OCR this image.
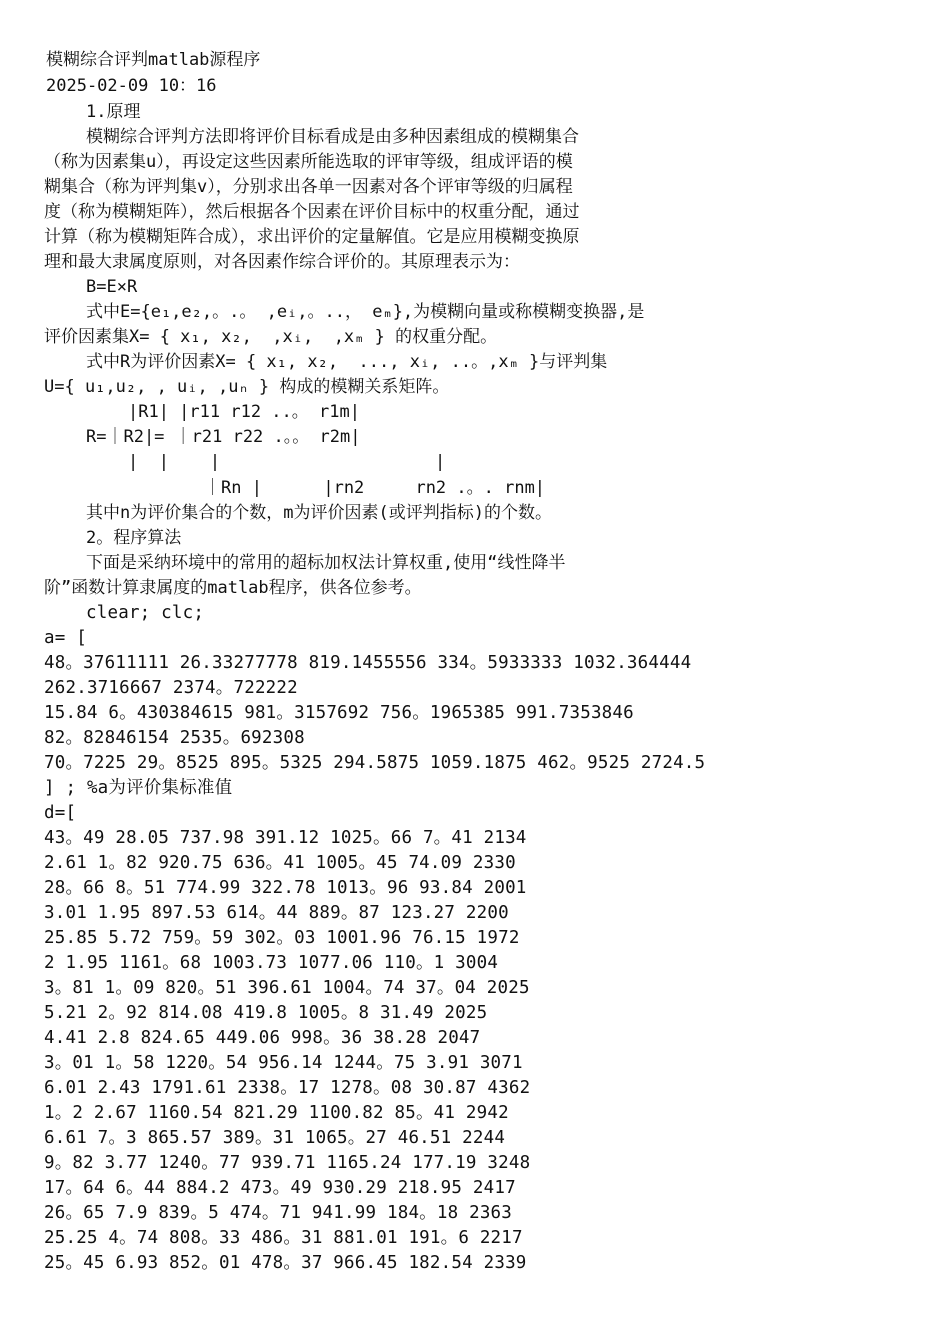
模糊综合评判matlab源程序
2025-02-09 10：16
1.原理
模糊综合评判方法即将评价目标看成是由多种因素组成的模糊集合
（称为因素集u），再设定这些因素所能选取的评审等级，组成评语的模
糊集合（称为评判集v），分别求出各单一因素对各个评审等级的归属程
度（称为模糊矩阵），然后根据各个因素在评价目标中的权重分配，通过
计算（称为模糊矩阵合成），求出评价的定量解值。它是应用模糊变换原
理和最大隶属度原则，对各因素作综合评价的。其原理表示为：
B=E×R
式中E={e₁,e₂,。.。 ,eᵢ,。..， eₘ},为模糊向量或称模糊变换器,是
评价因素集X= { x₁, x₂,  ,xᵢ,  ,xₘ } 的权重分配。
式中R为评价因素X= { x₁, x₂,  ..., xᵢ, ..。,xₘ }与评判集
U={ u₁,u₂, , uᵢ, ,uₙ } 构成的模糊关系矩阵。
|R1| |r11 r12 ..。 r1m|
R=｜R2|= ｜r21 r22 .。。 r2m|
|  |    |                     |
｜Rn |      |rn2     rn2 .。. rnm|
其中n为评价集合的个数，m为评价因素(或评判指标)的个数。
2。程序算法
下面是采纳环境中的常用的超标加权法计算权重,使用“线性降半
阶”函数计算隶属度的matlab程序，供各位参考。
clear; clc;
a= [
48。37611111 26.33277778 819.1455556 334。5933333 1032.364444
262.3716667 2374。722222
15.84 6。430384615 981。3157692 756。1965385 991.7353846
82。82846154 2535。692308
70。7225 29。8525 895。5325 294.5875 1059.1875 462。9525 2724.5
] ; %a为评价集标准值
d=[
43。49 28.05 737.98 391.12 1025。66 7。41 2134
2.61 1。82 920.75 636。41 1005。45 74.09 2330
28。66 8。51 774.99 322.78 1013。96 93.84 2001
3.01 1.95 897.53 614。44 889。87 123.27 2200
25.85 5.72 759。59 302。03 1001.96 76.15 1972
2 1.95 1161。68 1003.73 1077.06 110。1 3004
3。81 1。09 820。51 396.61 1004。74 37。04 2025
5.21 2。92 814.08 419.8 1005。8 31.49 2025
4.41 2.8 824.65 449.06 998。36 38.28 2047
3。01 1。58 1220。54 956.14 1244。75 3.91 3071
6.01 2.43 1791.61 2338。17 1278。08 30.87 4362
1。2 2.67 1160.54 821.29 1100.82 85。41 2942
6.61 7。3 865.57 389。31 1065。27 46.51 2244
9。82 3.77 1240。77 939.71 1165.24 177.19 3248
17。64 6。44 884.2 473。49 930.29 218.95 2417
26。65 7.9 839。5 474。71 941.99 184。18 2363
25.25 4。74 808。33 486。31 881.01 191。6 2217
25。45 6.93 852。01 478。37 966.45 182.54 2339
